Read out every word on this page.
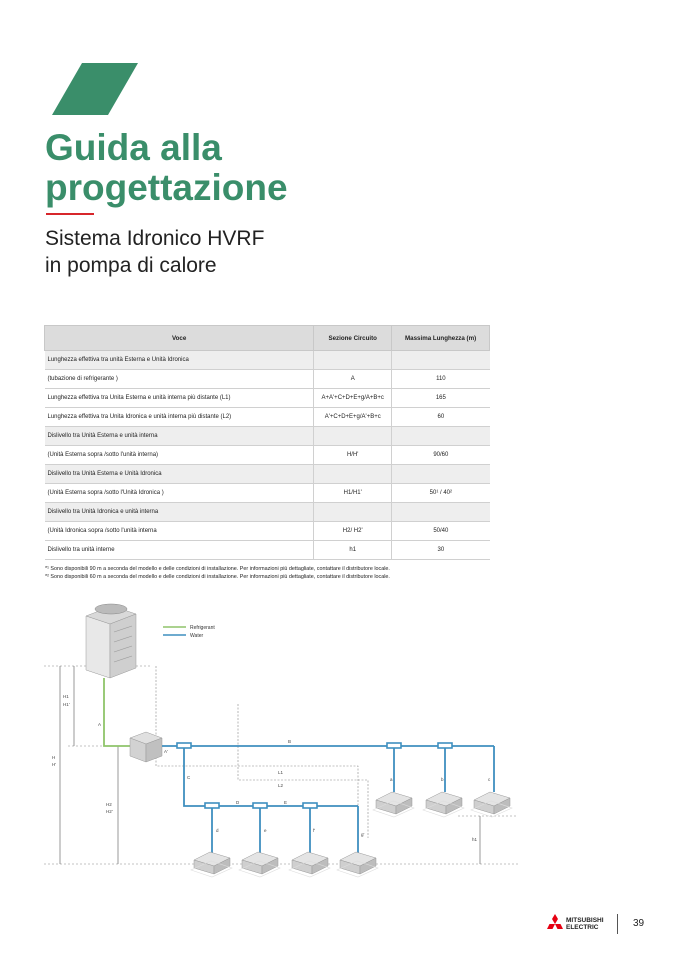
Guida alla
progettazione
Sistema Idronico HVRF
in pompa di calore
Voce	Sezione Circuito	Massima Lunghezza (m)
Lunghezza effettiva tra unità Esterna e Unità Idronica		
(tubazione di refrigerante )	A	110
Lunghezza effettiva tra Unita Esterna e unità interna più distante (L1)	A+A'+C+D+E+g/A+B+c	165
Lunghezza effettiva tra Unita Idronica e unità interna più distante (L2)	A'+C+D+E+g/A'+B+c	60
Dislivello tra Unità Esterna e unità interna		
(Unità Esterna sopra /sotto l'unità interna)	H/H'	90/60
Dislivello tra Unità Esterna e Unità Idronica		
(Unità Esterna sopra /sotto l'Unità Idronica )	H1/H1'	50¹ / 40²
Dislivello tra Unità Idronica e unità interna		
(Unità Idronica sopra /sotto l'unità interna	H2/ H2'	50/40
Dislivello tra unità interne	h1	30
*¹ Sono disponibili 90 m a seconda del modello e delle condizioni di installazione. Per informazioni più dettagliate, contattare il distributore locale.
*² Sono disponibili 60 m a seconda del modello e delle condizioni di installazione. Per informazioni più dettagliate, contattare il distributore locale.
H1
H1'
H
H'
H2
H2'
h1
L1
L2
A
A'
B
C
D	E
a	b	c
d	e	f'
g'
Refrigerant
Water
MITSUBISHI
ELECTRIC	39
